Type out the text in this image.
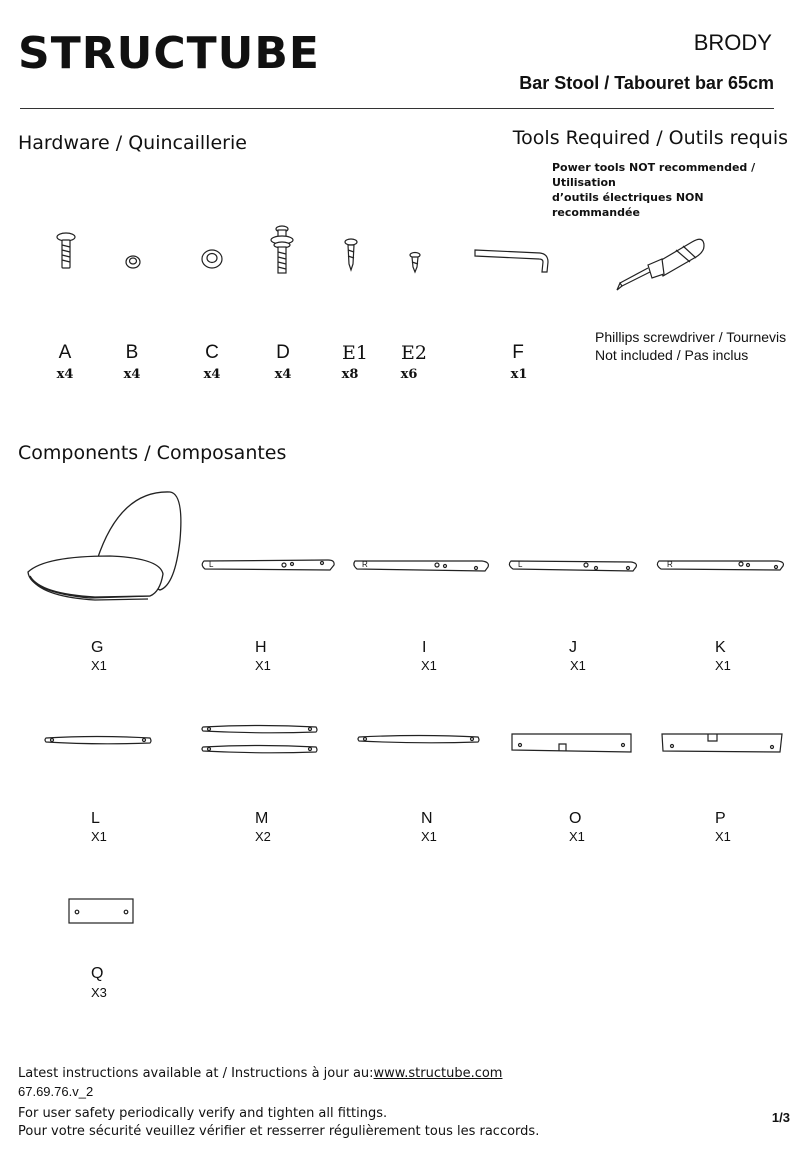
STRUCTUBE	BRODY
Bar Stool / Tabouret bar 65cm
Hardware / Quincaillerie	Tools Required / Outils requis
Power tools NOT recommended / Utilisation
d’outils électriques NON recommandée
A
x4
B
x4
C
x4
D
x4
E1
x8
E2
x6
F
x1
Phillips screwdriver / Tournevis
Not included / Pas inclus
Components / Composantes
L	R	L	R
G
X1
H
X1
I
X1
J
X1
K
X1
L
X1
M
X2
N
X1
O
X1
P
X1
Q
X3
Latest instructions available at / Instructions à jour au:www.structube.com
67.69.76.v_2
For user safety periodically verify and tighten all fittings.
Pour votre sécurité veuillez vérifier et resserrer régulièrement tous les raccords.
1/3
